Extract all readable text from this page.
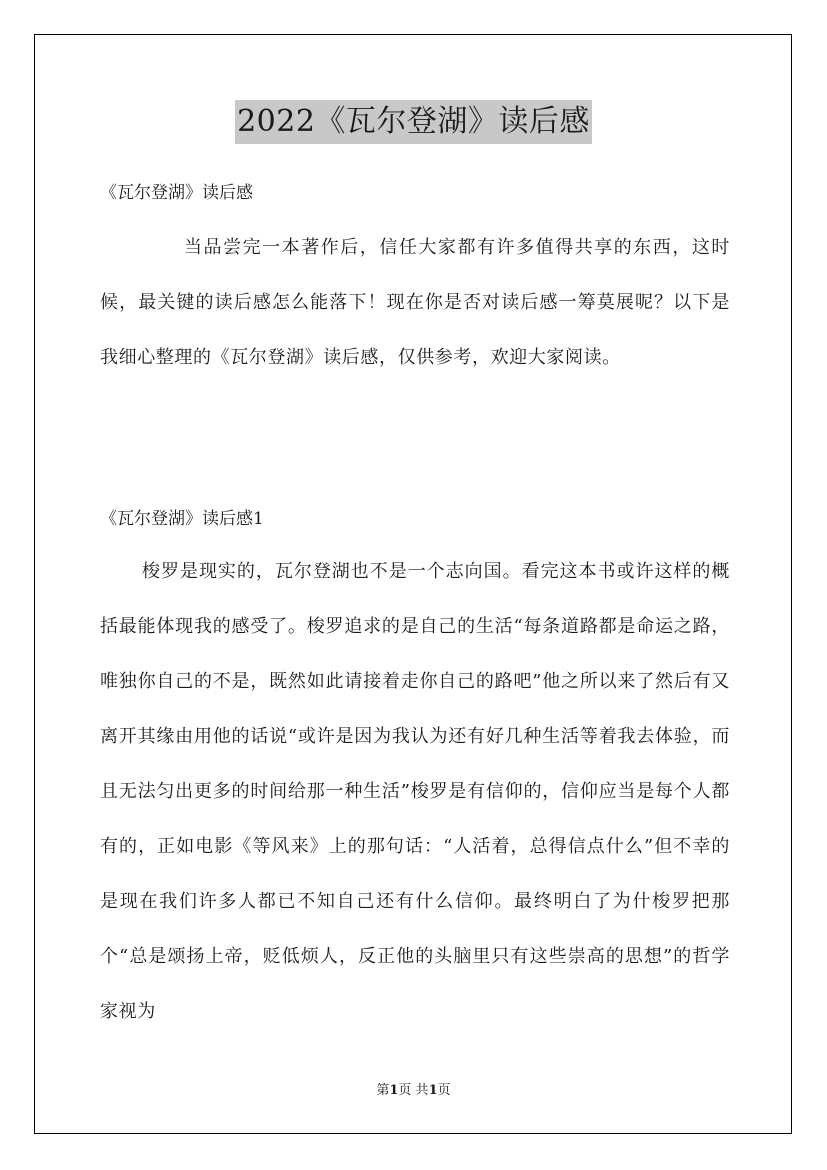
2022《瓦尔登湖》读后感
《瓦尔登湖》读后感

当品尝完一本著作后，信任大家都有许多值得共享的东西，这时候，最关键的读后感怎么能落下！现在你是否对读后感一筹莫展呢？以下是我细心整理的《瓦尔登湖》读后感，仅供参考，欢迎大家阅读。

《瓦尔登湖》读后感1

梭罗是现实的，瓦尔登湖也不是一个志向国。看完这本书或许这样的概括最能体现我的感受了。梭罗追求的是自己的生活“每条道路都是命运之路，唯独你自己的不是，既然如此请接着走你自己的路吧”他之所以来了然后有又离开其缘由用他的话说“或许是因为我认为还有好几种生活等着我去体验，而且无法匀出更多的时间给那一种生活”梭罗是有信仰的，信仰应当是每个人都有的，正如电影《等风来》上的那句话：“人活着，总得信点什么”但不幸的是现在我们许多人都已不知自己还有什么信仰。最终明白了为什梭罗把那个“总是颂扬上帝，贬低烦人，反正他的头脑里只有这些崇高的思想”的哲学家视为

第1页 共1页
